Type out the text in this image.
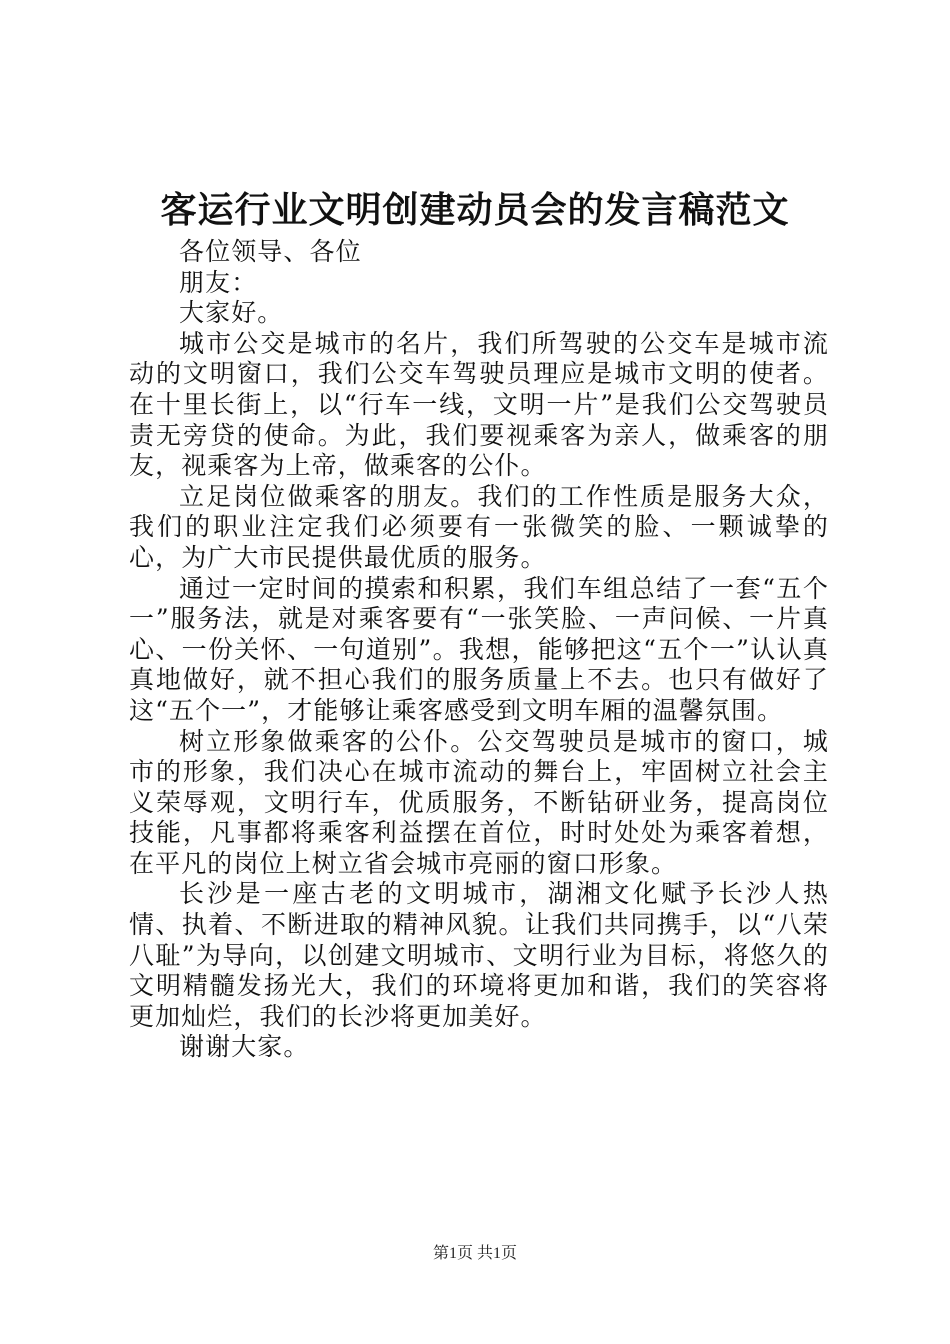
客运行业文明创建动员会的发言稿范文

各位领导、各位

朋友：

大家好。

城市公交是城市的名片，我们所驾驶的公交车是城市流动的文明窗口，我们公交车驾驶员理应是城市文明的使者。在十里长街上，以“行车一线，文明一片”是我们公交驾驶员责无旁贷的使命。为此，我们要视乘客为亲人，做乘客的朋友，视乘客为上帝，做乘客的公仆。

立足岗位做乘客的朋友。我们的工作性质是服务大众，我们的职业注定我们必须要有一张微笑的脸、一颗诚挚的心，为广大市民提供最优质的服务。

通过一定时间的摸索和积累，我们车组总结了一套“五个一”服务法，就是对乘客要有“一张笑脸、一声问候、一片真心、一份关怀、一句道别”。我想，能够把这“五个一”认认真真地做好，就不担心我们的服务质量上不去。也只有做好了这“五个一”，才能够让乘客感受到文明车厢的温馨氛围。

树立形象做乘客的公仆。公交驾驶员是城市的窗口，城市的形象，我们决心在城市流动的舞台上，牢固树立社会主义荣辱观，文明行车，优质服务，不断钻研业务，提高岗位技能，凡事都将乘客利益摆在首位，时时处处为乘客着想，在平凡的岗位上树立省会城市亮丽的窗口形象。

长沙是一座古老的文明城市，湖湘文化赋予长沙人热情、执着、不断进取的精神风貌。让我们共同携手，以“八荣八耻”为导向，以创建文明城市、文明行业为目标，将悠久的文明精髓发扬光大，我们的环境将更加和谐，我们的笑容将更加灿烂，我们的长沙将更加美好。

谢谢大家。

第1页 共1页
